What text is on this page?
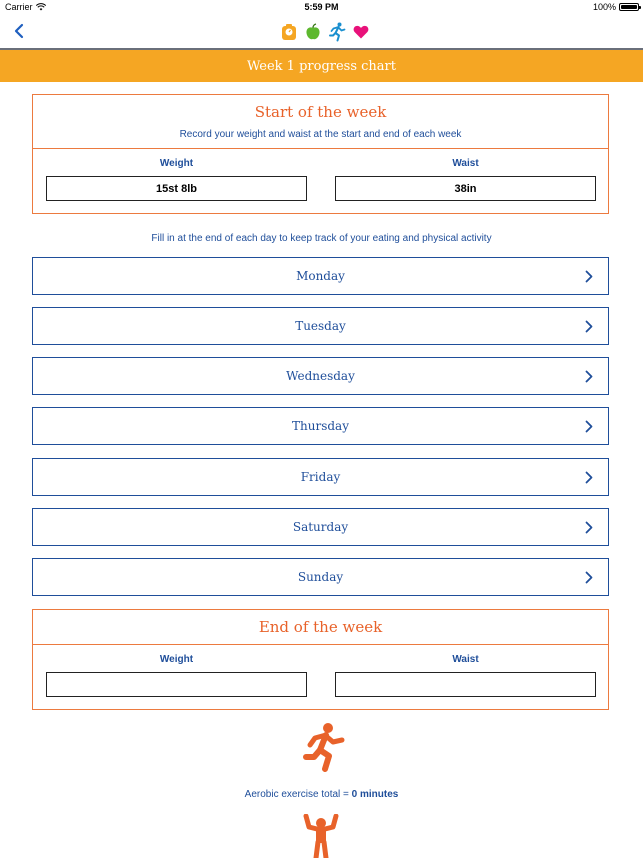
Carrier	5:59 PM	100%
Week 1 progress chart
Start of the week
Record your weight and waist at the start and end of each week
Weight
15st 8lb
Waist
38in
Fill in at the end of each day to keep track of your eating and physical activity
Monday
Tuesday
Wednesday
Thursday
Friday
Saturday
Sunday
End of the week
Weight	Waist
Aerobic exercise total = 0 minutes
